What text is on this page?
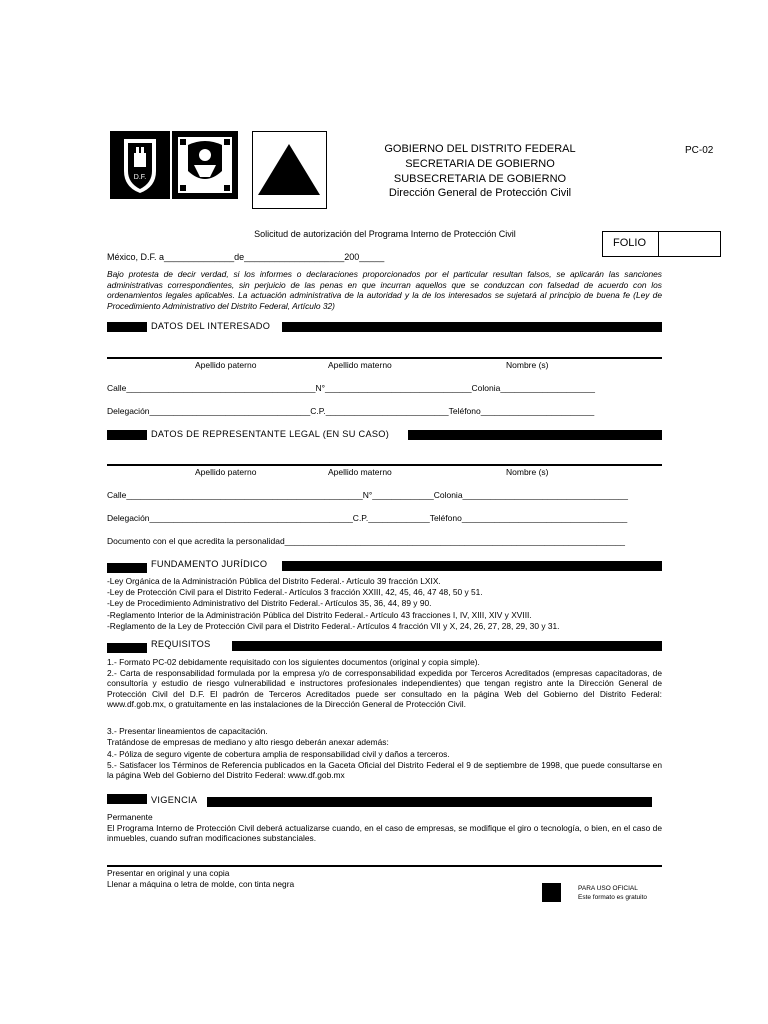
D.F.
GOBIERNO DEL DISTRITO FEDERAL
SECRETARIA DE GOBIERNO
SUBSECRETARIA DE GOBIERNO
Dirección General de Protección Civil
PC-02
FOLIO
Solicitud de autorización del Programa Interno de Protección Civil
México, D.F. a______________de____________________200_____
Bajo protesta de decir verdad, si los informes o declaraciones proporcionados por el particular resultan falsos, se aplicarán las sanciones administrativas correspondientes, sin perjuicio de las penas en que incurran aquellos que se conduzcan con falsedad de acuerdo con los ordenamientos legales aplicables. La actuación administrativa de la autoridad y la de los interesados se sujetará al principio de buena fe (Ley de Procedimiento Administrativo del Distrito Federal, Artículo 32)
DATOS DEL INTERESADO
Apellido paterno	Apellido materno	Nombre (s)
Calle________________________________________N°_______________________________Colonia____________________
Delegación__________________________________C.P.__________________________Teléfono________________________
DATOS DE REPRESENTANTE LEGAL (EN SU CASO)
Apellido paterno	Apellido materno	Nombre (s)
Calle__________________________________________________N°_____________Colonia___________________________________
Delegación___________________________________________C.P._____________Teléfono___________________________________
Documento con el que acredita la personalidad________________________________________________________________________
FUNDAMENTO JURÍDICO
-Ley Orgánica de la Administración Pública del Distrito Federal.- Artículo 39 fracción LXIX.
-Ley de Protección Civil para el Distrito Federal.- Artículos 3 fracción XXIII, 42, 45, 46, 47 48, 50 y 51.
-Ley de Procedimiento Administrativo del Distrito Federal.- Artículos 35, 36, 44, 89 y 90.
-Reglamento Interior de la Administración Pública del Distrito Federal.- Artículo 43 fracciones I, IV, XIII, XIV y XVIII.
-Reglamento de la Ley de Protección Civil para el Distrito Federal.- Artículos 4 fracción VII y X, 24, 26, 27, 28, 29, 30 y 31.
REQUISITOS
1.- Formato PC-02 debidamente requisitado con los siguientes documentos (original y copia simple).
2.- Carta de responsabilidad formulada por la empresa y/o de corresponsabilidad expedida por Terceros Acreditados (empresas capacitadoras, de consultoría y estudio de riesgo vulnerabilidad e instructores profesionales independientes) que tengan registro ante la Dirección General de Protección Civil del D.F. El padrón de Terceros Acreditados puede ser consultado en la página Web del Gobierno del Distrito Federal: www.df.gob.mx, o gratuitamente en las instalaciones de la Dirección General de Protección Civil.
3.- Presentar lineamientos de capacitación.
Tratándose de empresas de mediano y alto riesgo deberán anexar además:
4.- Póliza de seguro vigente de cobertura amplia de responsabilidad civil y daños a terceros.
5.- Satisfacer los Términos de Referencia publicados en la Gaceta Oficial del Distrito Federal el 9 de septiembre de 1998, que puede consultarse en la página Web del Gobierno del Distrito Federal: www.df.gob.mx
VIGENCIA
Permanente
El Programa Interno de Protección Civil deberá actualizarse cuando, en el caso de empresas, se modifique el giro o tecnología, o bien, en el caso de inmuebles, cuando sufran modificaciones substanciales.
Presentar en original y una copia
Llenar a máquina o letra de molde, con tinta negra	PARA USO OFICIAL
Este formato es gratuito
